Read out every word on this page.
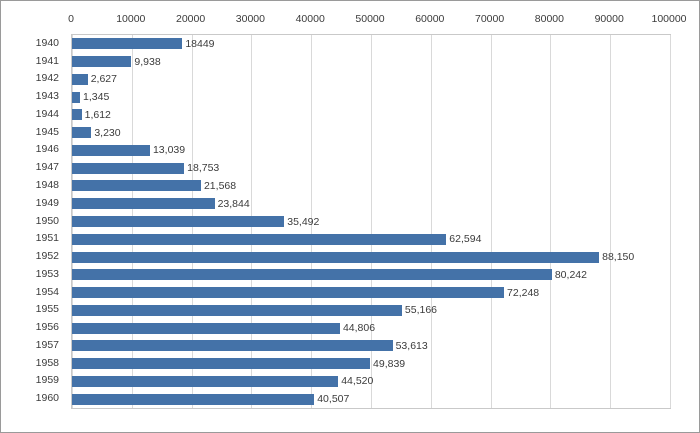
0	10000	20000	30000	40000	50000	60000	70000	80000	90000	100000
18449
9,938
2,627
1,345
1,612
3,230
13,039
18,753
21,568
23,844
35,492
62,594
88,150
80,242
72,248
55,166
44,806
53,613
49,839
44,520
40,507
1940
1941
1942
1943
1944
1945
1946
1947
1948
1949
1950
1951
1952
1953
1954
1955
1956
1957
1958
1959
1960
